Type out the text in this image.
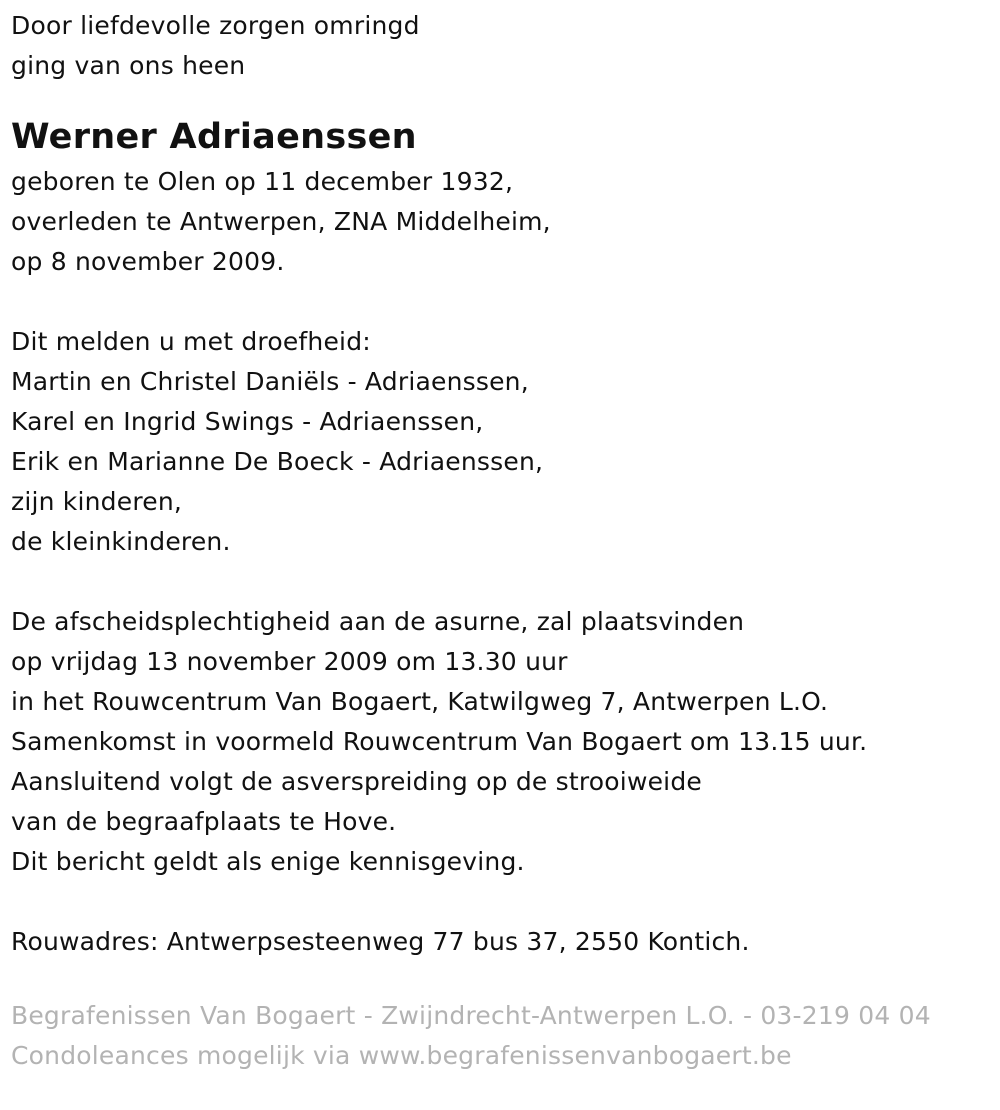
Door liefdevolle zorgen omringd
ging van ons heen
Werner Adriaenssen
geboren te Olen op 11 december 1932,
overleden te Antwerpen, ZNA Middelheim,
op 8 november 2009.
Dit melden u met droefheid:
Martin en Christel Daniëls - Adriaenssen,
Karel en Ingrid Swings - Adriaenssen,
Erik en Marianne De Boeck - Adriaenssen,
zijn kinderen,
de kleinkinderen.
De afscheidsplechtigheid aan de asurne, zal plaatsvinden
op vrijdag 13 november 2009 om 13.30 uur
in het Rouwcentrum Van Bogaert, Katwilgweg 7, Antwerpen L.O.
Samenkomst in voormeld Rouwcentrum Van Bogaert om 13.15 uur.
Aansluitend volgt de asverspreiding op de strooiweide
van de begraafplaats te Hove.
Dit bericht geldt als enige kennisgeving.
Rouwadres: Antwerpsesteenweg 77 bus 37, 2550 Kontich.
Begrafenissen Van Bogaert - Zwijndrecht-Antwerpen L.O. - 03-219 04 04
Condoleances mogelijk via www.begrafenissenvanbogaert.be
